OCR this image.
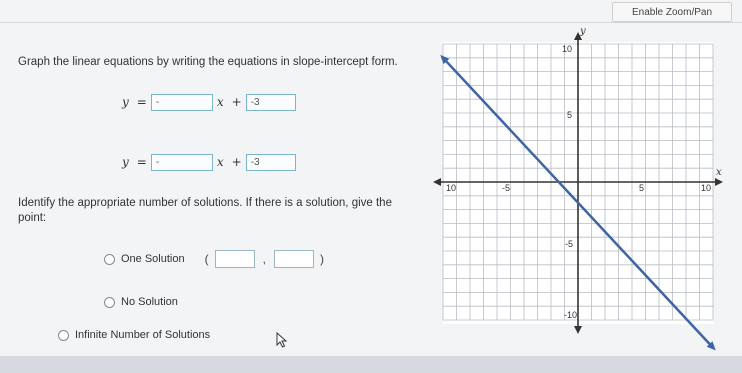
Enable Zoom/Pan
Graph the linear equations by writing the equations in slope-intercept form.
y = -	x + -3
y = -	x + -3
Identify the appropriate number of solutions. If there is a solution, give the point:
One Solution (	,	)
No Solution
Infinite Number of Solutions
y
x
10
5
10	-5	5	10
-5
-10
